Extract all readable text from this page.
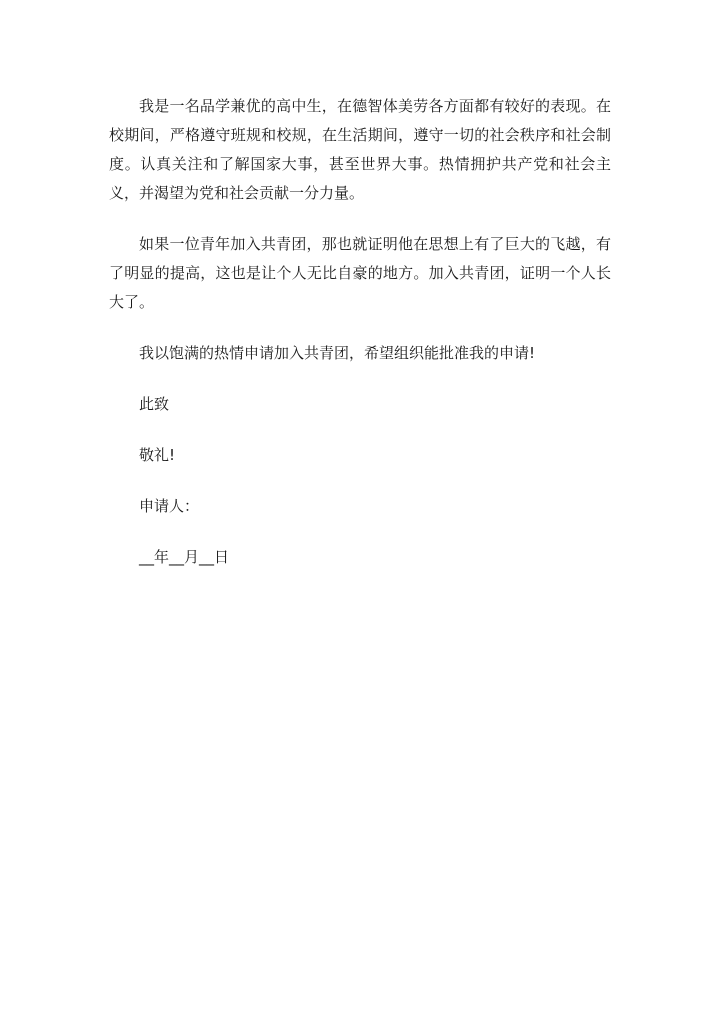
我是一名品学兼优的高中生，在德智体美劳各方面都有较好的表现。在校期间，严格遵守班规和校规，在生活期间，遵守一切的社会秩序和社会制度。认真关注和了解国家大事，甚至世界大事。热情拥护共产党和社会主义，并渴望为党和社会贡献一分力量。

如果一位青年加入共青团，那也就证明他在思想上有了巨大的飞越，有了明显的提高，这也是让个人无比自豪的地方。加入共青团，证明一个人长大了。

我以饱满的热情申请加入共青团，希望组织能批准我的申请!

此致

敬礼!

申请人：

__年__月__日
